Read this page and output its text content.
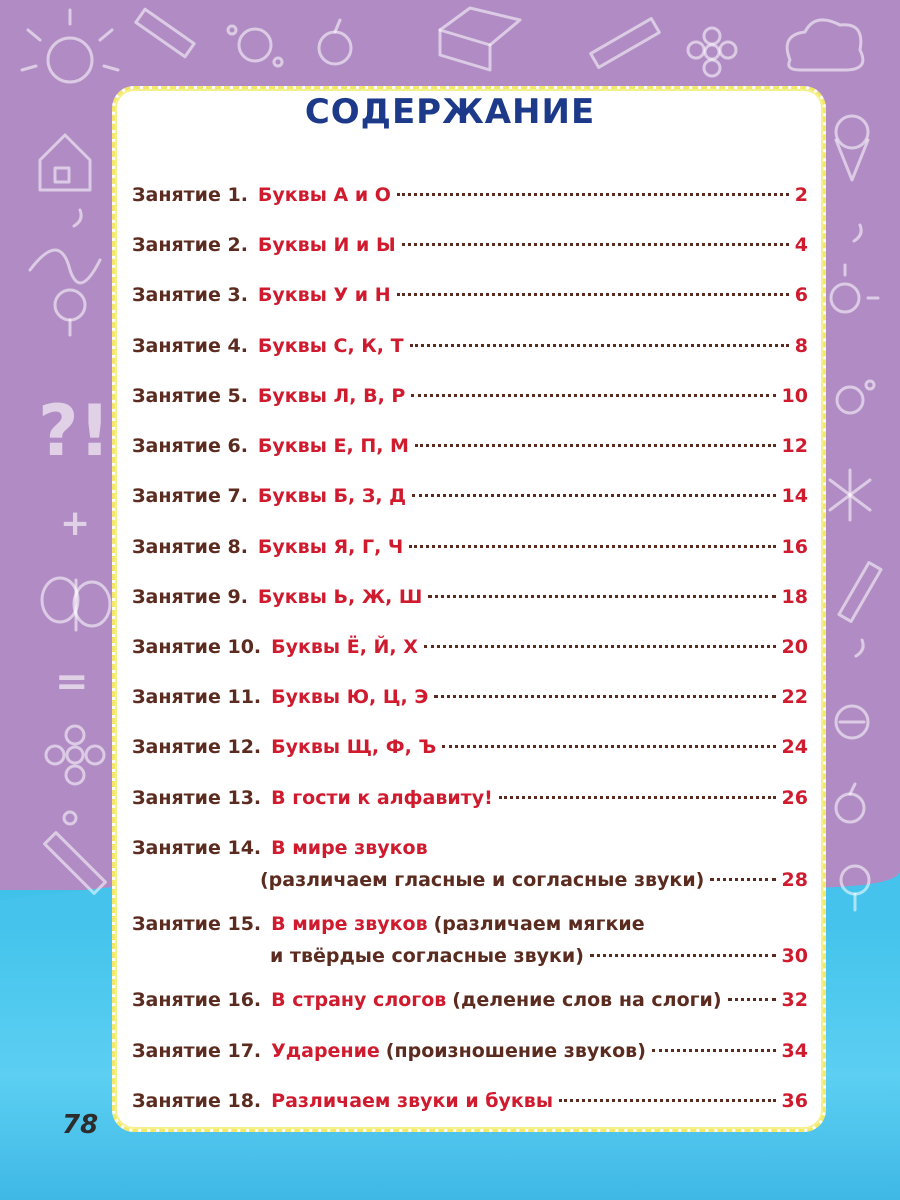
?!
+
=
СОДЕРЖАНИЕ
Занятие 1. Буквы А и О	2
Занятие 2. Буквы И и Ы	4
Занятие 3. Буквы У и Н	6
Занятие 4. Буквы С, К, Т	8
Занятие 5. Буквы Л, В, Р	10
Занятие 6. Буквы Е, П, М	12
Занятие 7. Буквы Б, З, Д	14
Занятие 8. Буквы Я, Г, Ч	16
Занятие 9. Буквы Ь, Ж, Ш	18
Занятие 10. Буквы Ё, Й, Х	20
Занятие 11. Буквы Ю, Ц, Э	22
Занятие 12. Буквы Щ, Ф, Ъ	24
Занятие 13. В гости к алфавиту!	26
Занятие 14. В мире звуков
(различаем гласные и согласные звуки)	28
Занятие 15. В мире звуков (различаем мягкие
и твёрдые согласные звуки)	30
Занятие 16. В страну слогов (деление слов на слоги)	32
Занятие 17. Ударение (произношение звуков)	34
Занятие 18. Различаем звуки и буквы	36
78
